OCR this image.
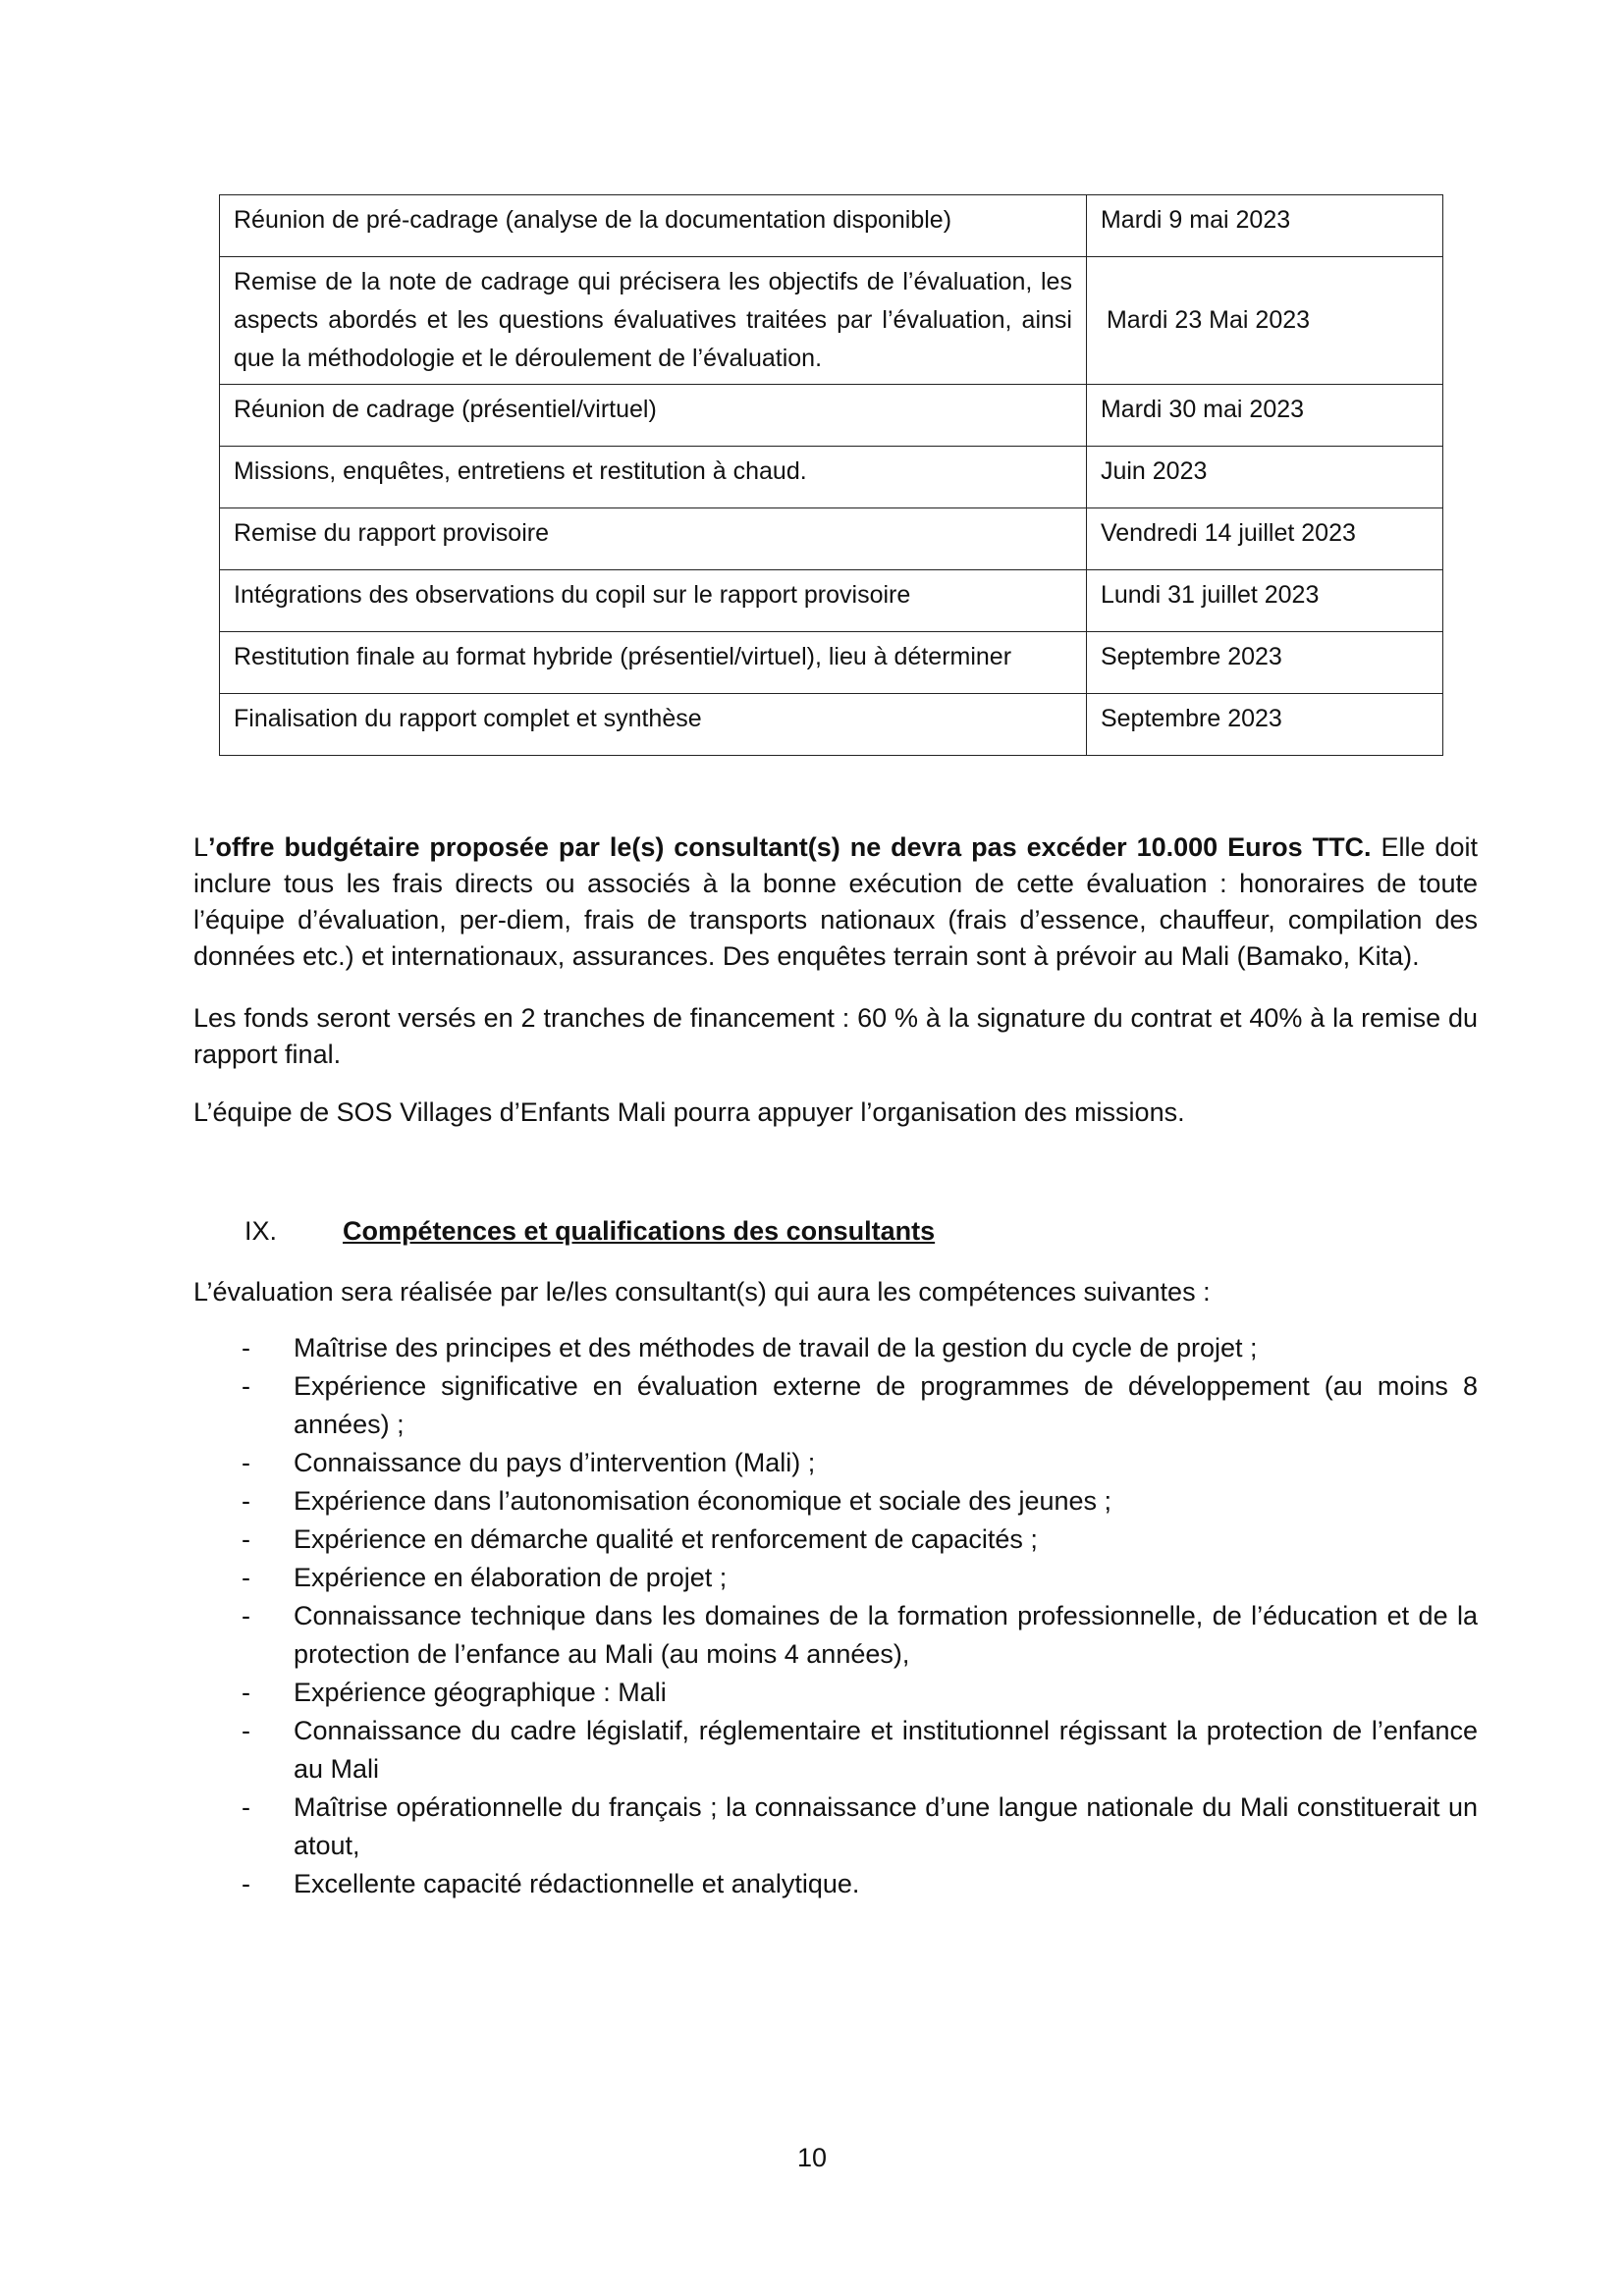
Réunion de pré-cadrage (analyse de la documentation disponible)	Mardi 9 mai 2023
Remise de la note de cadrage qui précisera les objectifs de l’évaluation, les aspects abordés et les questions évaluatives traitées par l’évaluation, ainsi que la méthodologie et le déroulement de l’évaluation.	Mardi 23 Mai 2023
Réunion de cadrage (présentiel/virtuel)	Mardi 30 mai 2023
Missions, enquêtes, entretiens et restitution à chaud.	Juin 2023
Remise du rapport provisoire	Vendredi 14 juillet 2023
Intégrations des observations du copil sur le rapport provisoire	Lundi 31 juillet 2023
Restitution finale au format hybride (présentiel/virtuel), lieu à déterminer	Septembre 2023
Finalisation du rapport complet et synthèse	Septembre 2023

L’offre budgétaire proposée par le(s) consultant(s) ne devra pas excéder 10.000 Euros TTC. Elle doit inclure tous les frais directs ou associés à la bonne exécution de cette évaluation : honoraires de toute l’équipe d’évaluation, per-diem, frais de transports nationaux (frais d’essence, chauffeur, compilation des données etc.) et internationaux, assurances. Des enquêtes terrain sont à prévoir au Mali (Bamako, Kita).

Les fonds seront versés en 2 tranches de financement : 60 % à la signature du contrat et 40% à la remise du rapport final.

L’équipe de SOS Villages d’Enfants Mali pourra appuyer l’organisation des missions.

IX. Compétences et qualifications des consultants

L’évaluation sera réalisée par le/les consultant(s) qui aura les compétences suivantes :

- Maîtrise des principes et des méthodes de travail de la gestion du cycle de projet ;
- Expérience significative en évaluation externe de programmes de développement (au moins 8 années) ;
- Connaissance du pays d’intervention (Mali) ;
- Expérience dans l’autonomisation économique et sociale des jeunes ;
- Expérience en démarche qualité et renforcement de capacités ;
- Expérience en élaboration de projet ;
- Connaissance technique dans les domaines de la formation professionnelle, de l’éducation et de la protection de l’enfance au Mali (au moins 4 années),
- Expérience géographique : Mali
- Connaissance du cadre législatif, réglementaire et institutionnel régissant la protection de l’enfance au Mali
- Maîtrise opérationnelle du français ; la connaissance d’une langue nationale du Mali constituerait un atout,
- Excellente capacité rédactionnelle et analytique.
10
